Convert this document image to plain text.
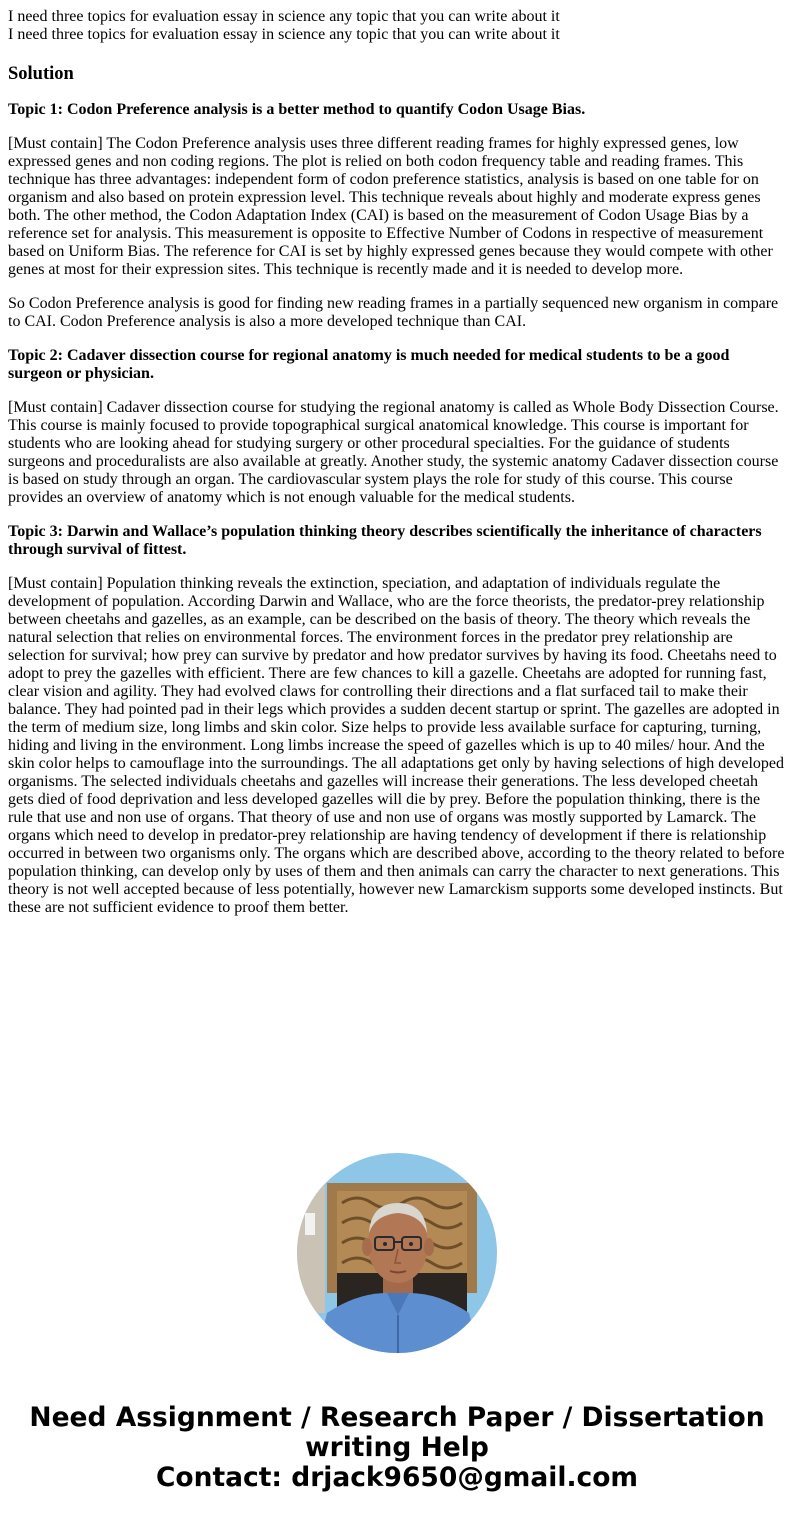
I need three topics for evaluation essay in science any topic that you can write about it
I need three topics for evaluation essay in science any topic that you can write about it
Solution
Topic 1: Codon Preference analysis is a better method to quantify Codon Usage Bias.
[Must contain] The Codon Preference analysis uses three different reading frames for highly expressed genes, low expressed genes and non coding regions. The plot is relied on both codon frequency table and reading frames. This technique has three advantages: independent form of codon preference statistics, analysis is based on one table for on organism and also based on protein expression level. This technique reveals about highly and moderate express genes both. The other method, the Codon Adaptation Index (CAI) is based on the measurement of Codon Usage Bias by a reference set for analysis. This measurement is opposite to Effective Number of Codons in respective of measurement based on Uniform Bias. The reference for CAI is set by highly expressed genes because they would compete with other genes at most for their expression sites. This technique is recently made and it is needed to develop more.
So Codon Preference analysis is good for finding new reading frames in a partially sequenced new organism in compare to CAI. Codon Preference analysis is also a more developed technique than CAI.
Topic 2: Cadaver dissection course for regional anatomy is much needed for medical students to be a good surgeon or physician.
[Must contain] Cadaver dissection course for studying the regional anatomy is called as Whole Body Dissection Course. This course is mainly focused to provide topographical surgical anatomical knowledge. This course is important for students who are looking ahead for studying surgery or other procedural specialties. For the guidance of students surgeons and proceduralists are also available at greatly. Another study, the systemic anatomy Cadaver dissection course is based on study through an organ. The cardiovascular system plays the role for study of this course. This course provides an overview of anatomy which is not enough valuable for the medical students.
Topic 3: Darwin and Wallace’s population thinking theory describes scientifically the inheritance of characters through survival of fittest.
[Must contain] Population thinking reveals the extinction, speciation, and adaptation of individuals regulate the development of population. According Darwin and Wallace, who are the force theorists, the predator-prey relationship between cheetahs and gazelles, as an example, can be described on the basis of theory. The theory which reveals the natural selection that relies on environmental forces. The environment forces in the predator prey relationship are selection for survival; how prey can survive by predator and how predator survives by having its food. Cheetahs need to adopt to prey the gazelles with efficient. There are few chances to kill a gazelle. Cheetahs are adopted for running fast, clear vision and agility. They had evolved claws for controlling their directions and a flat surfaced tail to make their balance. They had pointed pad in their legs which provides a sudden decent startup or sprint. The gazelles are adopted in the term of medium size, long limbs and skin color. Size helps to provide less available surface for capturing, turning, hiding and living in the environment. Long limbs increase the speed of gazelles which is up to 40 miles/ hour. And the skin color helps to camouflage into the surroundings. The all adaptations get only by having selections of high developed organisms. The selected individuals cheetahs and gazelles will increase their generations. The less developed cheetah gets died of food deprivation and less developed gazelles will die by prey. Before the population thinking, there is the rule that use and non use of organs. That theory of use and non use of organs was mostly supported by Lamarck. The organs which need to develop in predator-prey relationship are having tendency of development if there is relationship occurred in between two organisms only. The organs which are described above, according to the theory related to before population thinking, can develop only by uses of them and then animals can carry the character to next generations. This theory is not well accepted because of less potentially, however new Lamarckism supports some developed instincts. But these are not sufficient evidence to proof them better.
Need Assignment / Research Paper / Dissertation
writing Help
Contact: drjack9650@gmail.com
